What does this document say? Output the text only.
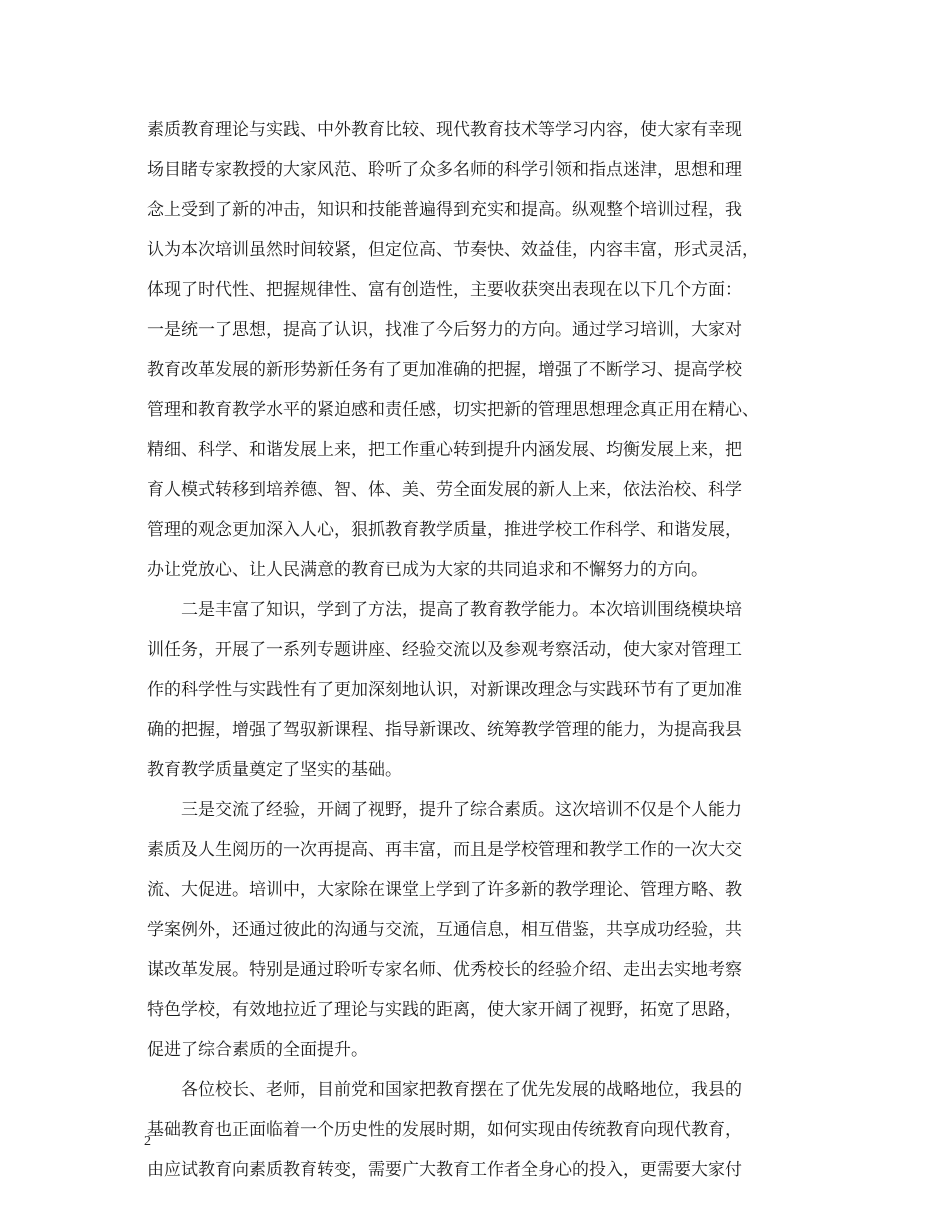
素质教育理论与实践、中外教育比较、现代教育技术等学习内容，使大家有幸现
场目睹专家教授的大家风范、聆听了众多名师的科学引领和指点迷津，思想和理
念上受到了新的冲击，知识和技能普遍得到充实和提高。纵观整个培训过程，我
认为本次培训虽然时间较紧，但定位高、节奏快、效益佳，内容丰富，形式灵活，
体现了时代性、把握规律性、富有创造性，主要收获突出表现在以下几个方面：
一是统一了思想，提高了认识，找准了今后努力的方向。通过学习培训，大家对
教育改革发展的新形势新任务有了更加准确的把握，增强了不断学习、提高学校
管理和教育教学水平的紧迫感和责任感，切实把新的管理思想理念真正用在精心、
精细、科学、和谐发展上来，把工作重心转到提升内涵发展、均衡发展上来，把
育人模式转移到培养德、智、体、美、劳全面发展的新人上来，依法治校、科学
管理的观念更加深入人心，狠抓教育教学质量，推进学校工作科学、和谐发展，
办让党放心、让人民满意的教育已成为大家的共同追求和不懈努力的方向。
二是丰富了知识，学到了方法，提高了教育教学能力。本次培训围绕模块培
训任务，开展了一系列专题讲座、经验交流以及参观考察活动，使大家对管理工
作的科学性与实践性有了更加深刻地认识，对新课改理念与实践环节有了更加准
确的把握，增强了驾驭新课程、指导新课改、统筹教学管理的能力，为提高我县
教育教学质量奠定了坚实的基础。
三是交流了经验，开阔了视野，提升了综合素质。这次培训不仅是个人能力
素质及人生阅历的一次再提高、再丰富，而且是学校管理和教学工作的一次大交
流、大促进。培训中，大家除在课堂上学到了许多新的教学理论、管理方略、教
学案例外，还通过彼此的沟通与交流，互通信息，相互借鉴，共享成功经验，共
谋改革发展。特别是通过聆听专家名师、优秀校长的经验介绍、走出去实地考察
特色学校，有效地拉近了理论与实践的距离，使大家开阔了视野，拓宽了思路，
促进了综合素质的全面提升。
各位校长、老师，目前党和国家把教育摆在了优先发展的战略地位，我县的
基础教育也正面临着一个历史性的发展时期，如何实现由传统教育向现代教育，
由应试教育向素质教育转变，需要广大教育工作者全身心的投入，更需要大家付
2
